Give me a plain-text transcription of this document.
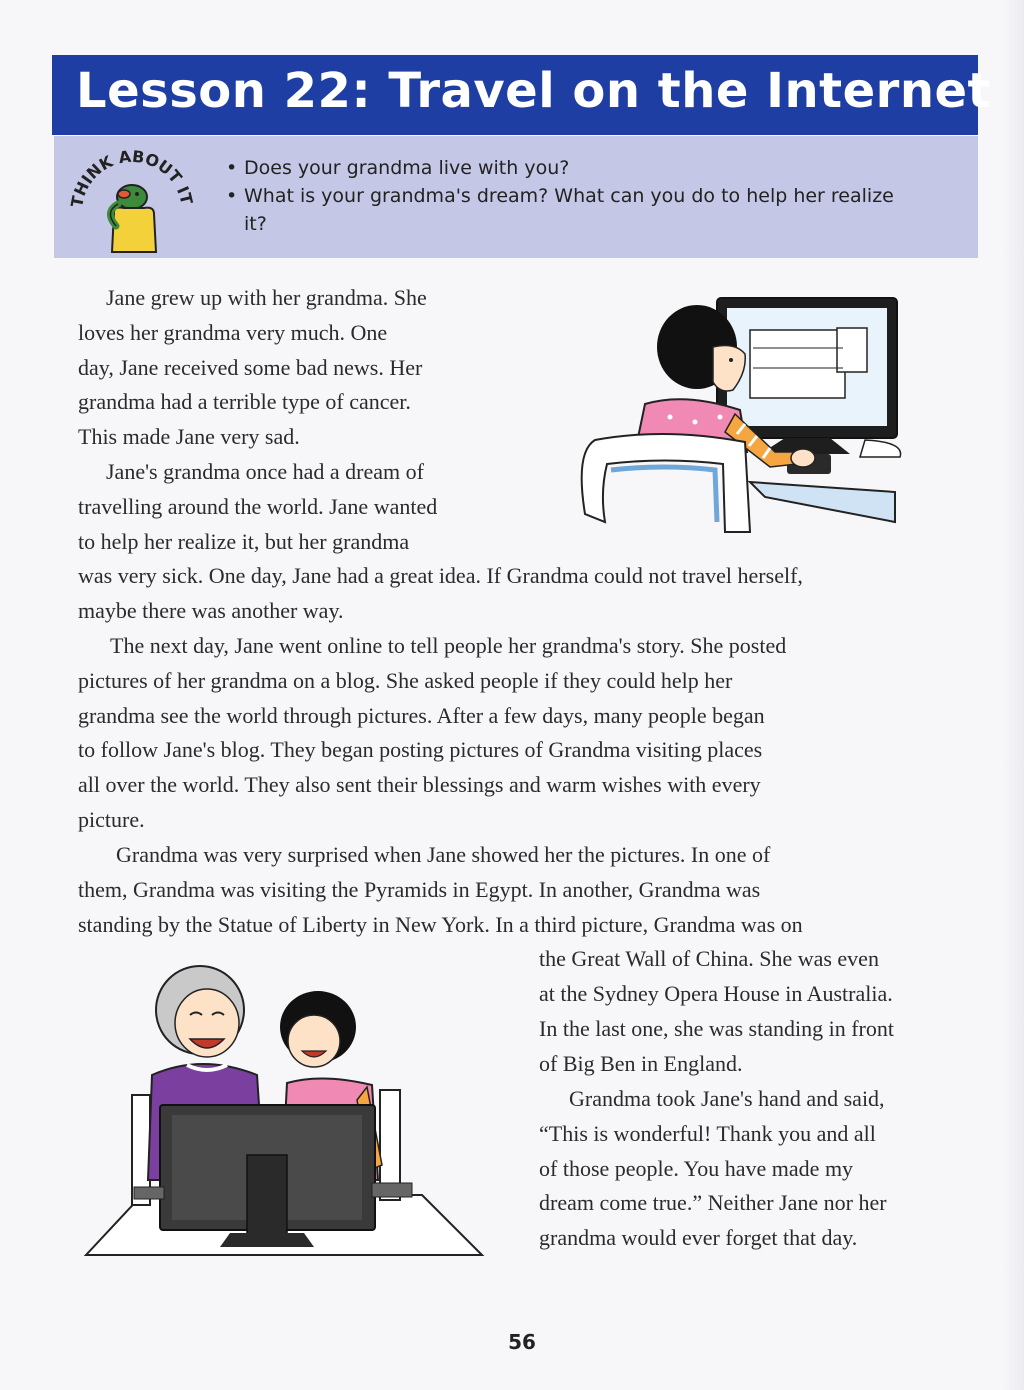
Lesson 22: Travel on the Internet
THINK ABOUT IT
• Does your grandma live with you?
• What is your grandma's dream? What can you do to help her realize it?
Jane grew up with her grandma. She
loves her grandma very much. One
day, Jane received some bad news. Her
grandma had a terrible type of cancer.
This made Jane very sad.
Jane's grandma once had a dream of
travelling around the world. Jane wanted
to help her realize it, but her grandma
was very sick. One day, Jane had a great idea. If Grandma could not travel herself,
maybe there was another way.
The next day, Jane went online to tell people her grandma's story. She posted
pictures of her grandma on a blog. She asked people if they could help her
grandma see the world through pictures. After a few days, many people began
to follow Jane's blog. They began posting pictures of Grandma visiting places
all over the world. They also sent their blessings and warm wishes with every
picture.
Grandma was very surprised when Jane showed her the pictures. In one of
them, Grandma was visiting the Pyramids in Egypt. In another, Grandma was
standing by the Statue of Liberty in New York. In a third picture, Grandma was on
the Great Wall of China. She was even
at the Sydney Opera House in Australia.
In the last one, she was standing in front
of Big Ben in England.
Grandma took Jane's hand and said,
“This is wonderful! Thank you and all
of those people. You have made my
dream come true.” Neither Jane nor her
grandma would ever forget that day.
56
